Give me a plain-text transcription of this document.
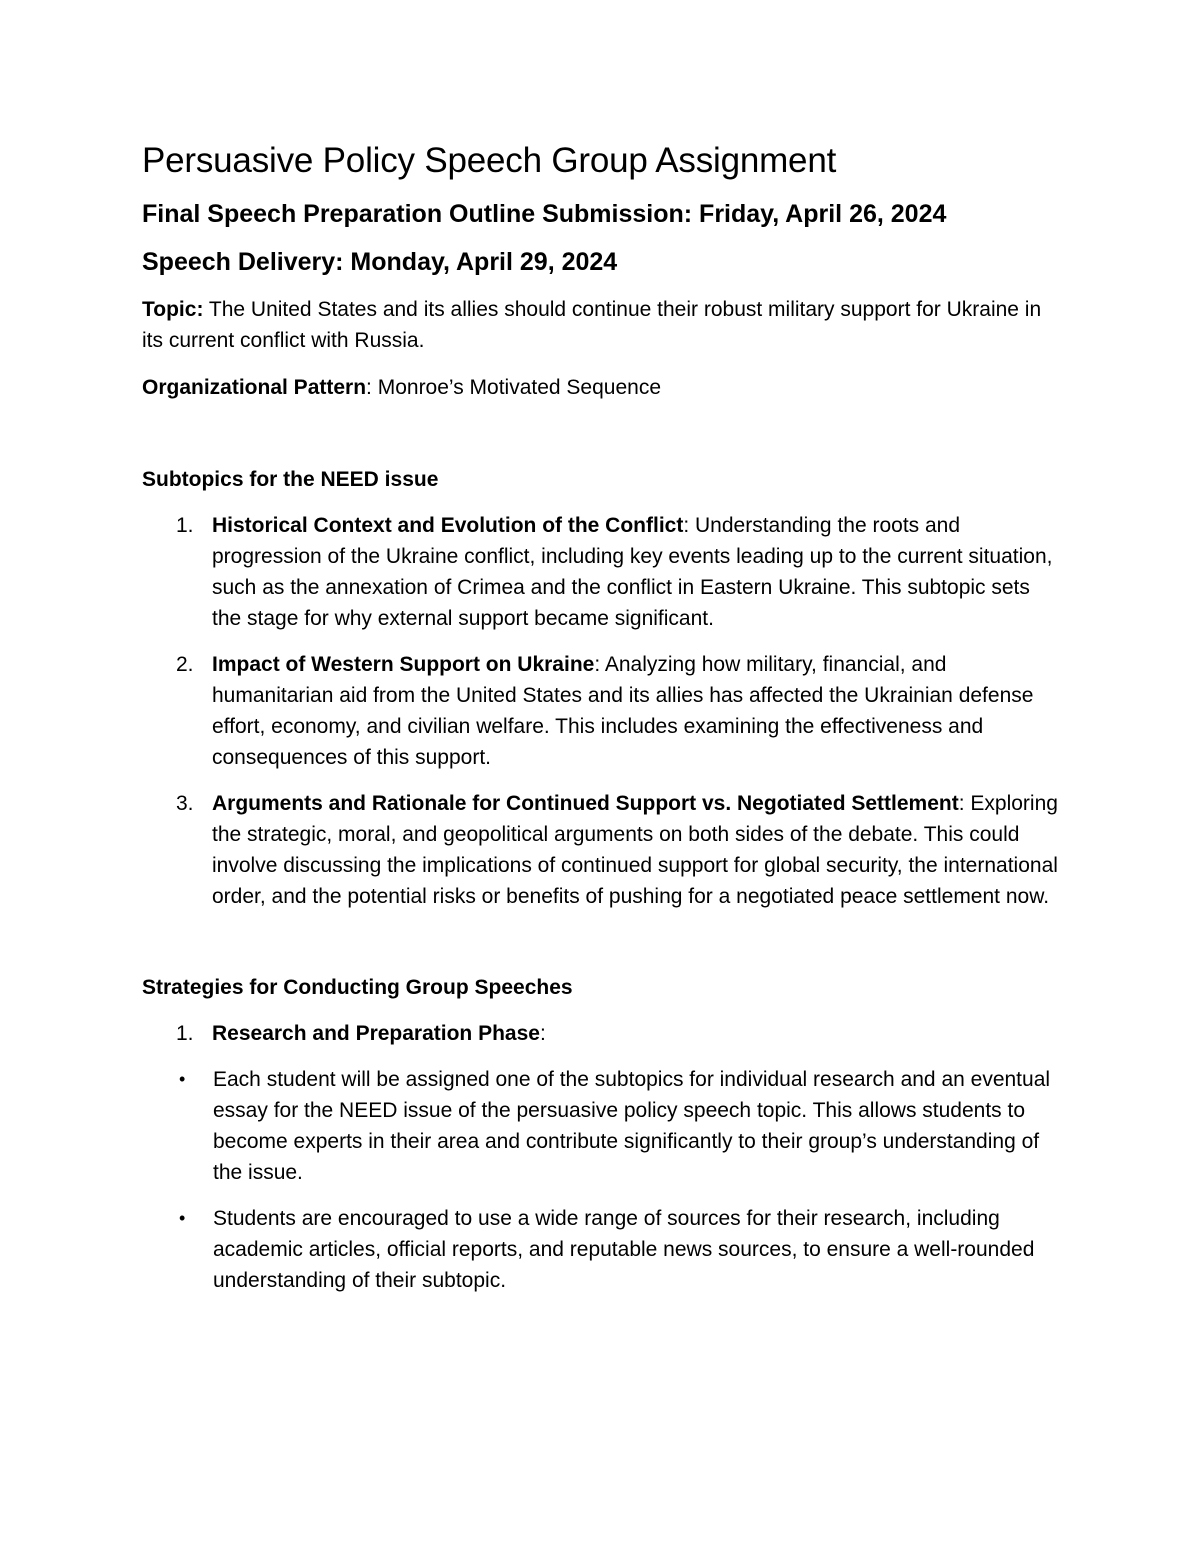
Persuasive Policy Speech Group Assignment
Final Speech Preparation Outline Submission: Friday, April 26, 2024
Speech Delivery: Monday, April 29, 2024

Topic: The United States and its allies should continue their robust military support for Ukraine in its current conflict with Russia.

Organizational Pattern: Monroe’s Motivated Sequence

Subtopics for the NEED issue
1. Historical Context and Evolution of the Conflict: Understanding the roots and progression of the Ukraine conflict, including key events leading up to the current situation, such as the annexation of Crimea and the conflict in Eastern Ukraine. This subtopic sets the stage for why external support became significant.
2. Impact of Western Support on Ukraine: Analyzing how military, financial, and humanitarian aid from the United States and its allies has affected the Ukrainian defense effort, economy, and civilian welfare. This includes examining the effectiveness and consequences of this support.
3. Arguments and Rationale for Continued Support vs. Negotiated Settlement: Exploring the strategic, moral, and geopolitical arguments on both sides of the debate. This could involve discussing the implications of continued support for global security, the international order, and the potential risks or benefits of pushing for a negotiated peace settlement now.
Strategies for Conducting Group Speeches
1. Research and Preparation Phase:
• Each student will be assigned one of the subtopics for individual research and an eventual essay for the NEED issue of the persuasive policy speech topic. This allows students to become experts in their area and contribute significantly to their group’s understanding of the issue.
• Students are encouraged to use a wide range of sources for their research, including academic articles, official reports, and reputable news sources, to ensure a well-rounded understanding of their subtopic.
